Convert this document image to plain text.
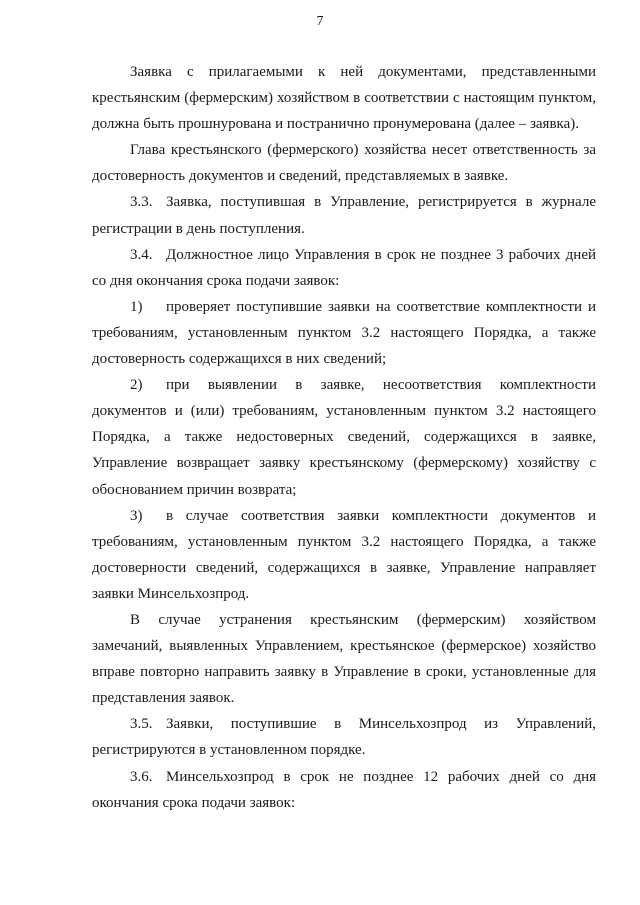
7

Заявка с прилагаемыми к ней документами, представленными крестьянским (фермерским) хозяйством в соответствии с настоящим пунктом, должна быть прошнурована и постранично пронумерована (далее – заявка).

Глава крестьянского (фермерского) хозяйства несет ответственность за достоверность документов и сведений, представляемых в заявке.

3.3. Заявка, поступившая в Управление, регистрируется в журнале регистрации в день поступления.

3.4. Должностное лицо Управления в срок не позднее 3 рабочих дней со дня окончания срока подачи заявок:

1) проверяет поступившие заявки на соответствие комплектности и требованиям, установленным пунктом 3.2 настоящего Порядка, а также достоверность содержащихся в них сведений;

2) при выявлении в заявке, несоответствия комплектности документов и (или) требованиям, установленным пунктом 3.2 настоящего Порядка, а также недостоверных сведений, содержащихся в заявке, Управление возвращает заявку крестьянскому (фермерскому) хозяйству с обоснованием причин возврата;

3) в случае соответствия заявки комплектности документов и требованиям, установленным пунктом 3.2 настоящего Порядка, а также достоверности сведений, содержащихся в заявке, Управление направляет заявки Минсельхозпрод.

В случае устранения крестьянским (фермерским) хозяйством замечаний, выявленных Управлением, крестьянское (фермерское) хозяйство вправе повторно направить заявку в Управление в сроки, установленные для представления заявок.

3.5. Заявки, поступившие в Минсельхозпрод из Управлений, регистрируются в установленном порядке.

3.6. Минсельхозпрод в срок не позднее 12 рабочих дней со дня окончания срока подачи заявок:
